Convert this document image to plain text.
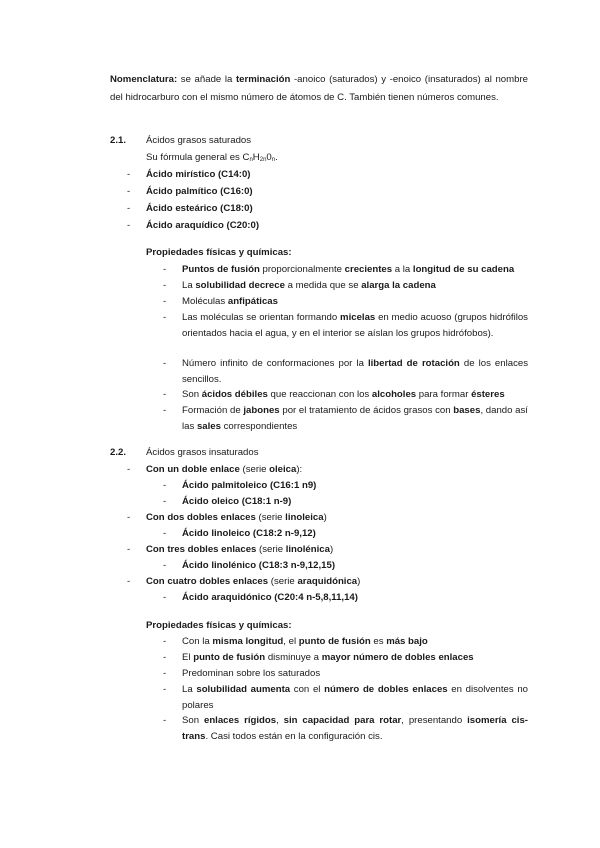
Nomenclatura: se añade la terminación -anoico (saturados) y -enoico (insaturados) al nombre del hidrocarburo con el mismo número de átomos de C. También tienen números comunes.
2.1. Ácidos grasos saturados
Su fórmula general es $C_nH_{2n}0_n$.
- Ácido mirístico (C14:0)
- Ácido palmítico (C16:0)
- Ácido esteárico (C18:0)
- Ácido araquídico (C20:0)
Propiedades físicas y químicas:
- Puntos de fusión proporcionalmente crecientes a la longitud de su cadena
- La solubilidad decrece a medida que se alarga la cadena
- Moléculas anfipáticas
- Las moléculas se orientan formando micelas en medio acuoso (grupos hidrófilos orientados hacia el agua, y en el interior se aíslan los grupos hidrófobos).
- Número infinito de conformaciones por la libertad de rotación de los enlaces sencillos.
- Son ácidos débiles que reaccionan con los alcoholes para formar ésteres
- Formación de jabones por el tratamiento de ácidos grasos con bases, dando así las sales correspondientes
2.2. Ácidos grasos insaturados
- Con un doble enlace (serie oleica):
- Ácido palmitoleico (C16:1 n9)
- Ácido oleico (C18:1 n-9)
- Con dos dobles enlaces (serie linoleica)
- Ácido linoleico (C18:2 n-9,12)
- Con tres dobles enlaces (serie linolénica)
- Ácido linolénico (C18:3 n-9,12,15)
- Con cuatro dobles enlaces (serie araquidónica)
- Ácido araquidónico (C20:4 n-5,8,11,14)
Propiedades físicas y químicas:
- Con la misma longitud, el punto de fusión es más bajo
- El punto de fusión disminuye a mayor número de dobles enlaces
- Predominan sobre los saturados
- La solubilidad aumenta con el número de dobles enlaces en disolventes no polares
- Son enlaces rígidos, sin capacidad para rotar, presentando isomería cis-trans. Casi todos están en la configuración cis.
